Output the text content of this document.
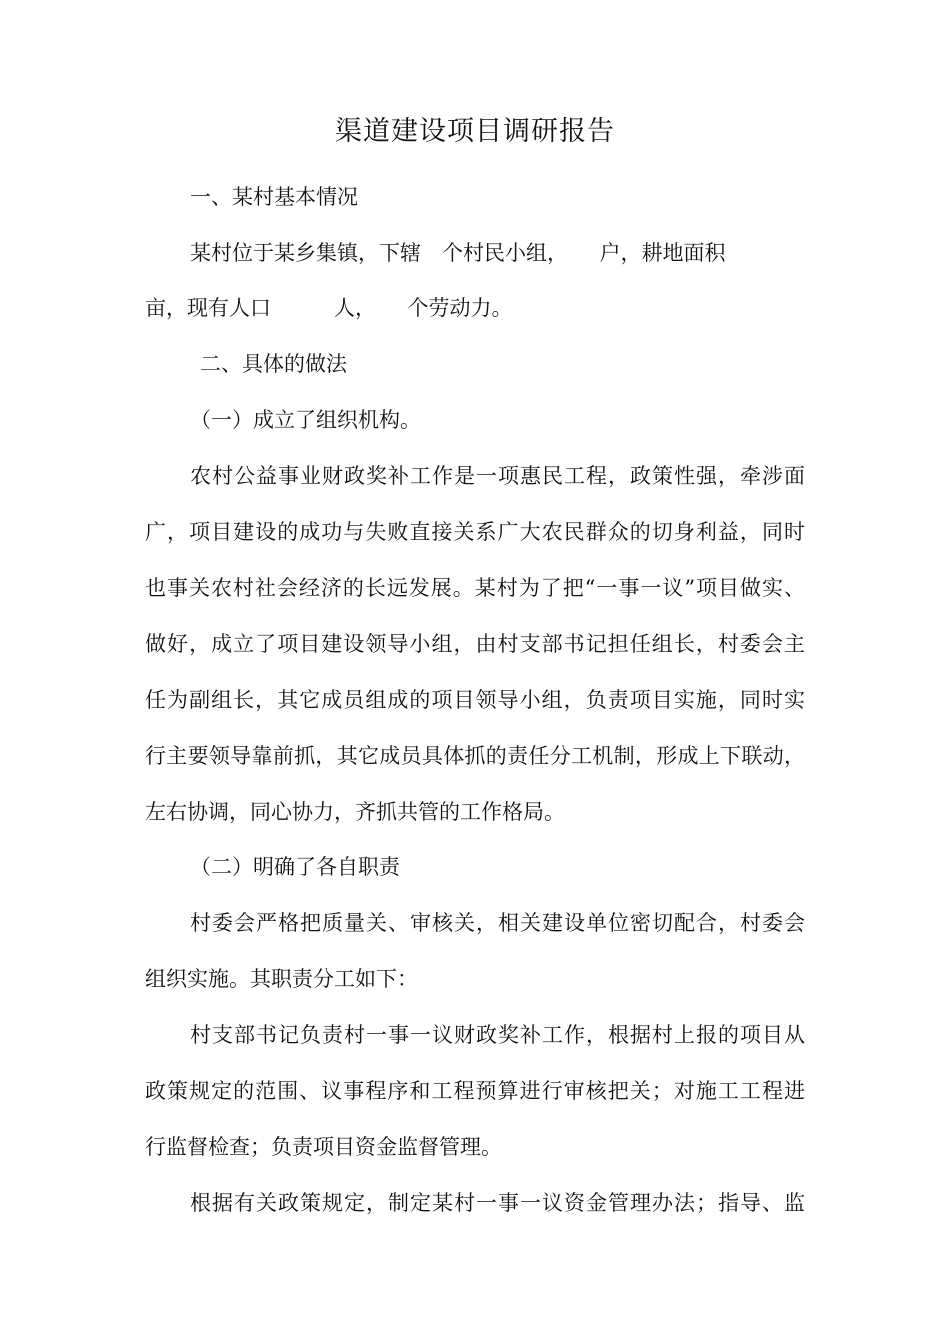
渠道建设项目调研报告
一、某村基本情况
某村位于某乡集镇，下辖　个村民小组，　　户，耕地面积
亩，现有人口　　　人，　　个劳动力。
二、具体的做法
（一）成立了组织机构。
农村公益事业财政奖补工作是一项惠民工程，政策性强，牵涉面
广，项目建设的成功与失败直接关系广大农民群众的切身利益，同时
也事关农村社会经济的长远发展。某村为了把“一事一议”项目做实、
做好，成立了项目建设领导小组，由村支部书记担任组长，村委会主
任为副组长，其它成员组成的项目领导小组，负责项目实施，同时实
行主要领导靠前抓，其它成员具体抓的责任分工机制，形成上下联动，
左右协调，同心协力，齐抓共管的工作格局。
（二）明确了各自职责
村委会严格把质量关、审核关，相关建设单位密切配合，村委会
组织实施。其职责分工如下：
村支部书记负责村一事一议财政奖补工作，根据村上报的项目从
政策规定的范围、议事程序和工程预算进行审核把关；对施工工程进
行监督检查；负责项目资金监督管理。
根据有关政策规定，制定某村一事一议资金管理办法；指导、监
